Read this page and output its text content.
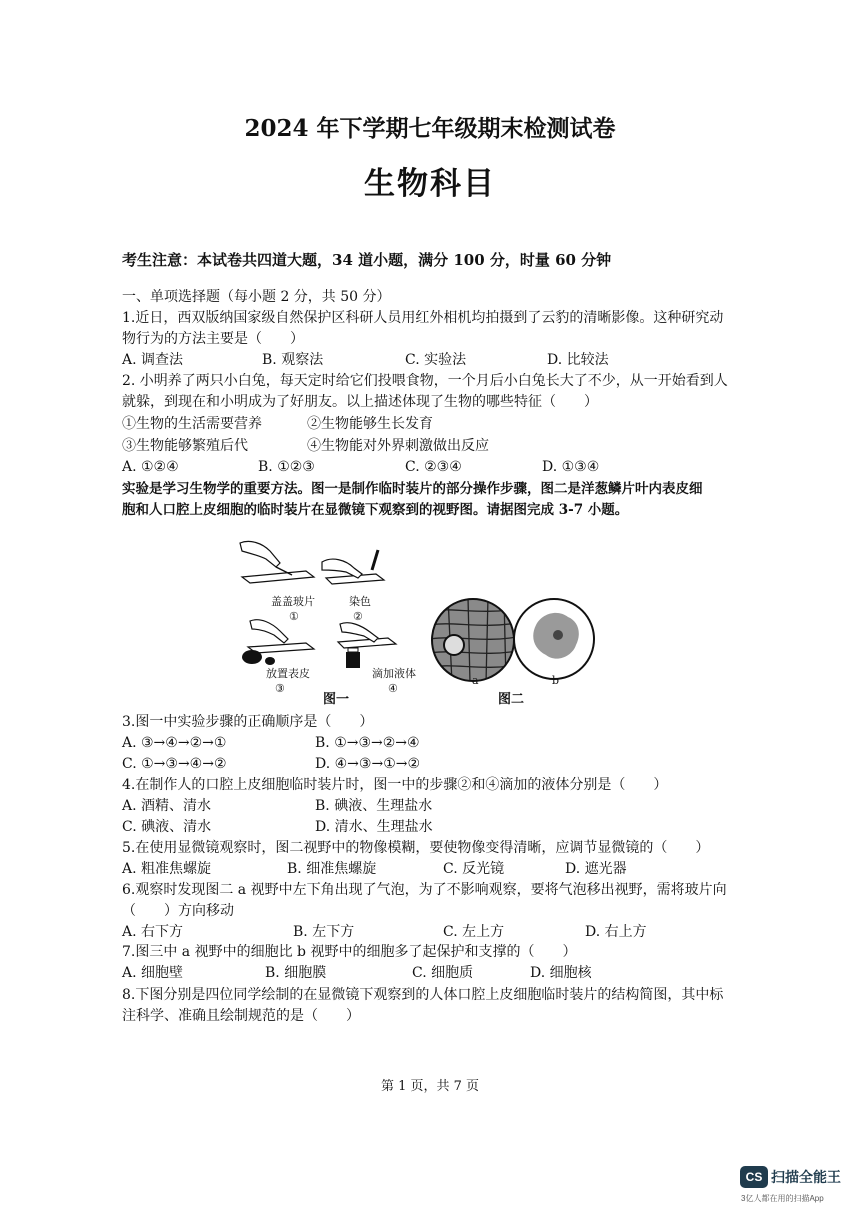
2024 年下学期七年级期末检测试卷
生物科目
考生注意：本试卷共四道大题，34 道小题，满分 100 分，时量 60 分钟
一、单项选择题（每小题 2 分，共 50 分）
1.近日，西双版纳国家级自然保护区科研人员用红外相机均拍摄到了云豹的清晰影像。这种研究动
物行为的方法主要是（　　）
A. 调查法	B. 观察法	C. 实验法	D. 比较法
2. 小明养了两只小白兔，每天定时给它们投喂食物，一个月后小白兔长大了不少，从一开始看到人
就躲，到现在和小明成为了好朋友。以上描述体现了生物的哪些特征（　　）
①生物的生活需要营养	②生物能够生长发育
③生物能够繁殖后代	④生物能对外界刺激做出反应
A. ①②④	B. ①②③	C. ②③④	D. ①③④
实验是学习生物学的重要方法。图一是制作临时装片的部分操作步骤，图二是洋葱鳞片叶内表皮细
胞和人口腔上皮细胞的临时装片在显微镜下观察到的视野图。请据图完成 3-7 小题。
盖盖玻片
①
染色
②
放置表皮
③
滴加液体
④
图一
a	b
图二
3.图一中实验步骤的正确顺序是（　　）
A. ③→④→②→①	B. ①→③→②→④
C. ①→③→④→②	D. ④→③→①→②
4.在制作人的口腔上皮细胞临时装片时，图一中的步骤②和④滴加的液体分别是（　　）
A. 酒精、清水	B. 碘液、生理盐水
C. 碘液、清水	D. 清水、生理盐水
5.在使用显微镜观察时，图二视野中的物像模糊，要使物像变得清晰，应调节显微镜的（　　）
A. 粗准焦螺旋	B. 细准焦螺旋	C. 反光镜	D. 遮光器
6.观察时发现图二 a 视野中左下角出现了气泡，为了不影响观察，要将气泡移出视野，需将玻片向
（　　）方向移动
A. 右下方	B. 左下方	C. 左上方	D. 右上方
7.图三中 a 视野中的细胞比 b 视野中的细胞多了起保护和支撑的（　　）
A. 细胞壁	B. 细胞膜	C. 细胞质	D. 细胞核
8.下图分别是四位同学绘制的在显微镜下观察到的人体口腔上皮细胞临时装片的结构简图，其中标
注科学、准确且绘制规范的是（　　）
第 1 页，共 7 页
CS 扫描全能王
3亿人都在用的扫描App
